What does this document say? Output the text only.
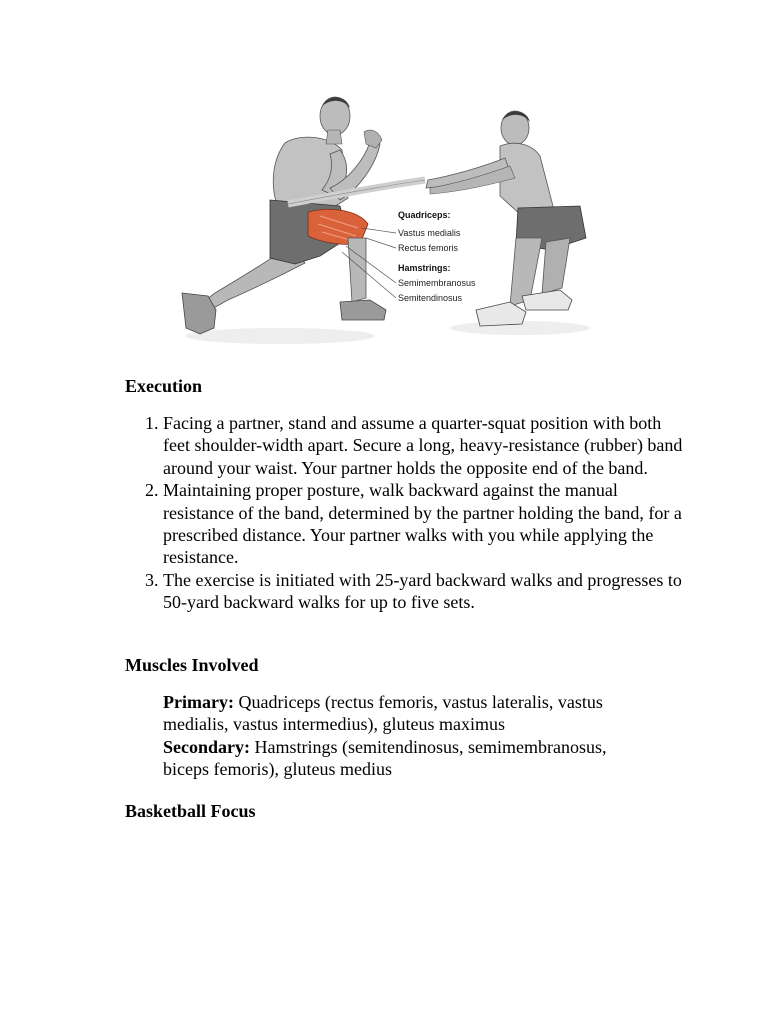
Quadriceps:
Vastus medialis
Rectus femoris
Hamstrings:
Semimembranosus
Semitendinosus
Execution
1. Facing a partner, stand and assume a quarter-squat position with both feet shoulder-width apart. Secure a long, heavy-resistance (rubber) band around your waist. Your partner holds the opposite end of the band.
2. Maintaining proper posture, walk backward against the manual resistance of the band, determined by the partner holding the band, for a prescribed distance. Your partner walks with you while applying the resistance.
3. The exercise is initiated with 25-yard backward walks and progresses to 50-yard backward walks for up to five sets.
Muscles Involved

Primary: Quadriceps (rectus femoris, vastus lateralis, vastus medialis, vastus intermedius), gluteus maximus

Secondary: Hamstrings (semitendinosus, semimembranosus, biceps femoris), gluteus medius

Basketball Focus
